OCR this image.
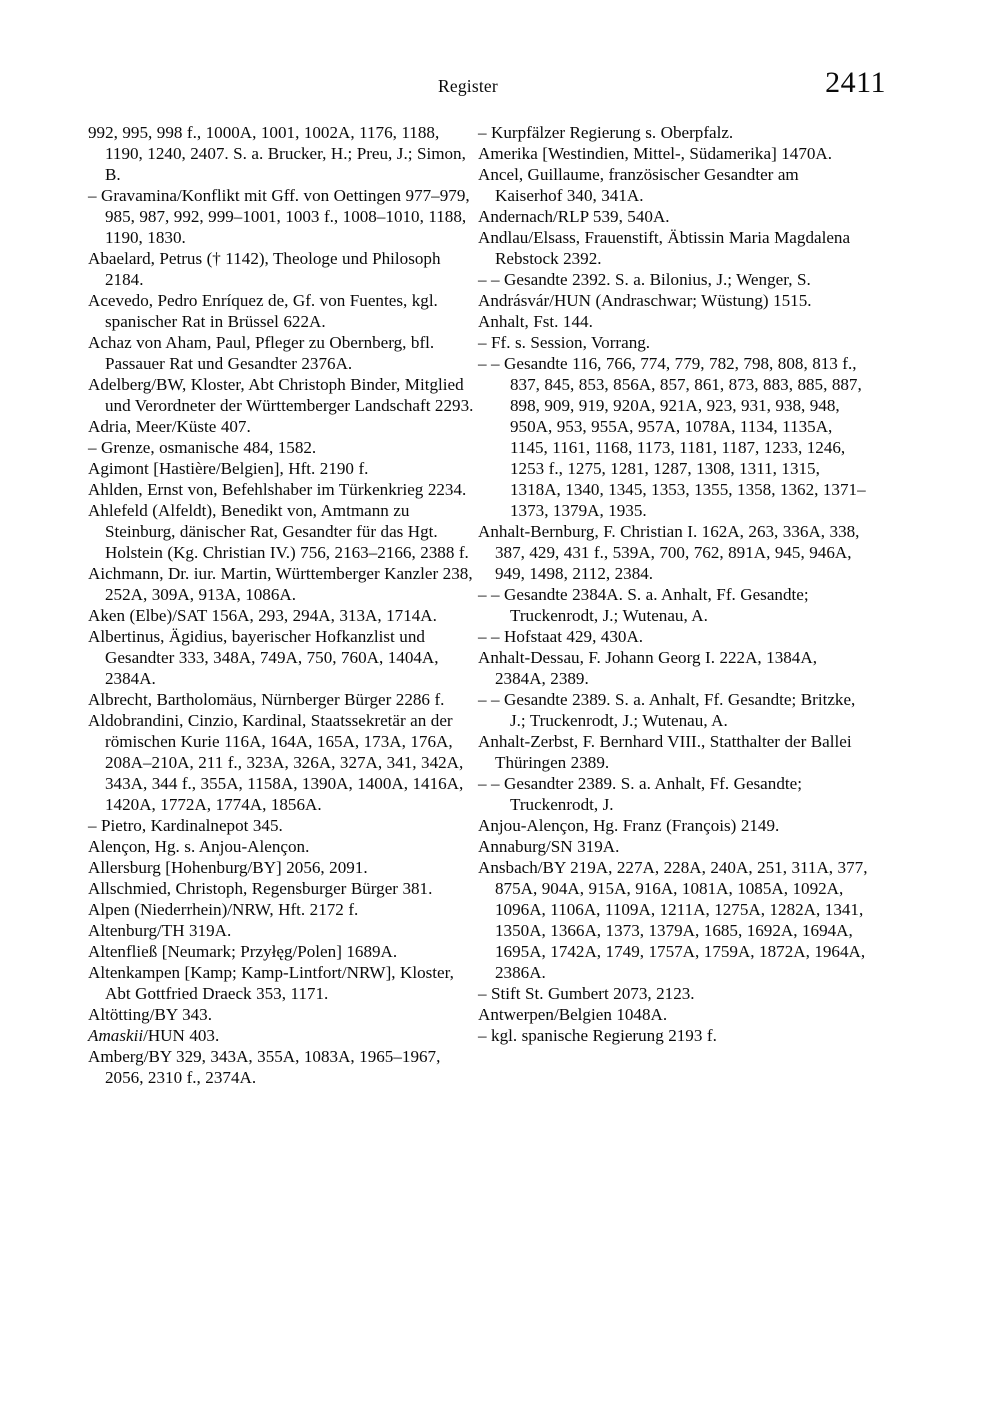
Register	2411

992, 995, 998 f., 1000A, 1001, 1002A, 1176, 1188, 1190, 1240, 2407. S. a. Brucker, H.; Preu, J.; Simon, B.

– Gravamina/Konflikt mit Gff. von Oettingen 977–979, 985, 987, 992, 999–1001, 1003 f., 1008–1010, 1188, 1190, 1830.

Abaelard, Petrus († 1142), Theologe und Philosoph 2184.

Acevedo, Pedro Enríquez de, Gf. von Fuentes, kgl. spanischer Rat in Brüssel 622A.

Achaz von Aham, Paul, Pfleger zu Obernberg, bfl. Passauer Rat und Gesandter 2376A.

Adelberg/BW, Kloster, Abt Christoph Binder, Mitglied und Verordneter der Württemberger Landschaft 2293.

Adria, Meer/Küste 407.

– Grenze, osmanische 484, 1582.

Agimont [Hastière/Belgien], Hft. 2190 f.

Ahlden, Ernst von, Befehlshaber im Türkenkrieg 2234.

Ahlefeld (Alfeldt), Benedikt von, Amtmann zu Steinburg, dänischer Rat, Gesandter für das Hgt. Holstein (Kg. Christian IV.) 756, 2163–2166, 2388 f.

Aichmann, Dr. iur. Martin, Württemberger Kanzler 238, 252A, 309A, 913A, 1086A.

Aken (Elbe)/SAT 156A, 293, 294A, 313A, 1714A.

Albertinus, Ägidius, bayerischer Hofkanzlist und Gesandter 333, 348A, 749A, 750, 760A, 1404A, 2384A.

Albrecht, Bartholomäus, Nürnberger Bürger 2286 f.

Aldobrandini, Cinzio, Kardinal, Staatssekretär an der römischen Kurie 116A, 164A, 165A, 173A, 176A, 208A–210A, 211 f., 323A, 326A, 327A, 341, 342A, 343A, 344 f., 355A, 1158A, 1390A, 1400A, 1416A, 1420A, 1772A, 1774A, 1856A.

– Pietro, Kardinalnepot 345.

Alençon, Hg. s. Anjou-Alençon.

Allersburg [Hohenburg/BY] 2056, 2091.

Allschmied, Christoph, Regensburger Bürger 381.

Alpen (Niederrhein)/NRW, Hft. 2172 f.

Altenburg/TH 319A.

Altenfließ [Neumark; Przyłęg/Polen] 1689A.

Altenkampen [Kamp; Kamp-Lintfort/NRW], Kloster, Abt Gottfried Draeck 353, 1171.

Altötting/BY 343.

Amaskii/HUN 403.

Amberg/BY 329, 343A, 355A, 1083A, 1965–1967, 2056, 2310 f., 2374A.

– Kurpfälzer Regierung s. Oberpfalz.

Amerika [Westindien, Mittel-, Südamerika] 1470A.

Ancel, Guillaume, französischer Gesandter am Kaiserhof 340, 341A.

Andernach/RLP 539, 540A.

Andlau/Elsass, Frauenstift, Äbtissin Maria Magdalena Rebstock 2392.

– – Gesandte 2392. S. a. Bilonius, J.; Wenger, S.

Andrásvár/HUN (Andraschwar; Wüstung) 1515.

Anhalt, Fst. 144.

– Ff. s. Session, Vorrang.

– – Gesandte 116, 766, 774, 779, 782, 798, 808, 813 f., 837, 845, 853, 856A, 857, 861, 873, 883, 885, 887, 898, 909, 919, 920A, 921A, 923, 931, 938, 948, 950A, 953, 955A, 957A, 1078A, 1134, 1135A, 1145, 1161, 1168, 1173, 1181, 1187, 1233, 1246, 1253 f., 1275, 1281, 1287, 1308, 1311, 1315, 1318A, 1340, 1345, 1353, 1355, 1358, 1362, 1371–1373, 1379A, 1935.

Anhalt-Bernburg, F. Christian I. 162A, 263, 336A, 338, 387, 429, 431 f., 539A, 700, 762, 891A, 945, 946A, 949, 1498, 2112, 2384.

– – Gesandte 2384A. S. a. Anhalt, Ff. Gesandte; Truckenrodt, J.; Wutenau, A.

– – Hofstaat 429, 430A.

Anhalt-Dessau, F. Johann Georg I. 222A, 1384A, 2384A, 2389.

– – Gesandte 2389. S. a. Anhalt, Ff. Gesandte; Britzke, J.; Truckenrodt, J.; Wutenau, A.

Anhalt-Zerbst, F. Bernhard VIII., Statthalter der Ballei Thüringen 2389.

– – Gesandter 2389. S. a. Anhalt, Ff. Gesandte; Truckenrodt, J.

Anjou-Alençon, Hg. Franz (François) 2149.

Annaburg/SN 319A.

Ansbach/BY 219A, 227A, 228A, 240A, 251, 311A, 377, 875A, 904A, 915A, 916A, 1081A, 1085A, 1092A, 1096A, 1106A, 1109A, 1211A, 1275A, 1282A, 1341, 1350A, 1366A, 1373, 1379A, 1685, 1692A, 1694A, 1695A, 1742A, 1749, 1757A, 1759A, 1872A, 1964A, 2386A.

– Stift St. Gumbert 2073, 2123.

Antwerpen/Belgien 1048A.

– kgl. spanische Regierung 2193 f.
